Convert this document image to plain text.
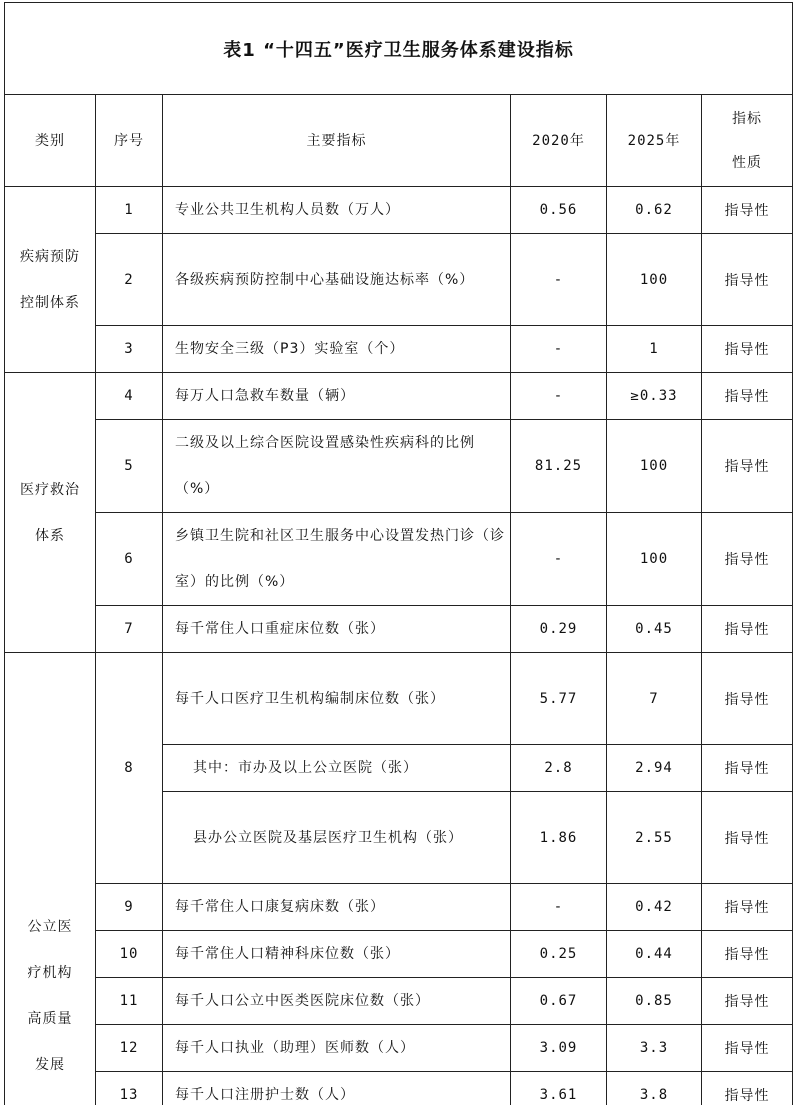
表1 “十四五”医疗卫生服务体系建设指标					
类别	序号	主要指标	2020年	2025年	指标
性质

疾病预防
控制体系	1	专业公共卫生机构人员数（万人）	0.56	0.62	指导性
	2	各级疾病预防控制中心基础设施达标率（%）	-	100	指导性
	3	生物安全三级（P3）实验室（个）	-	1	指导性

医疗救治
体系	4	每万人口急救车数量（辆）	-	≥0.33	指导性
	5	二级及以上综合医院设置感染性疾病科的比例（%）	81.25	100	指导性
	6	乡镇卫生院和社区卫生服务中心设置发热门诊（诊室）的比例（%）	-	100	指导性
	7	每千常住人口重症床位数（张）	0.29	0.45	指导性

公立医
疗机构
高质量
发展	8	每千人口医疗卫生机构编制床位数（张）	5.77	7	指导性
		其中：市办及以上公立医院（张）	2.8	2.94	指导性
		县办公立医院及基层医疗卫生机构（张）	1.86	2.55	指导性
	9	每千常住人口康复病床数（张）	-	0.42	指导性
	10	每千常住人口精神科床位数（张）	0.25	0.44	指导性
	11	每千人口公立中医类医院床位数（张）	0.67	0.85	指导性
	12	每千人口执业（助理）医师数（人）	3.09	3.3	指导性
	13	每千人口注册护士数（人）	3.61	3.8	指导性
